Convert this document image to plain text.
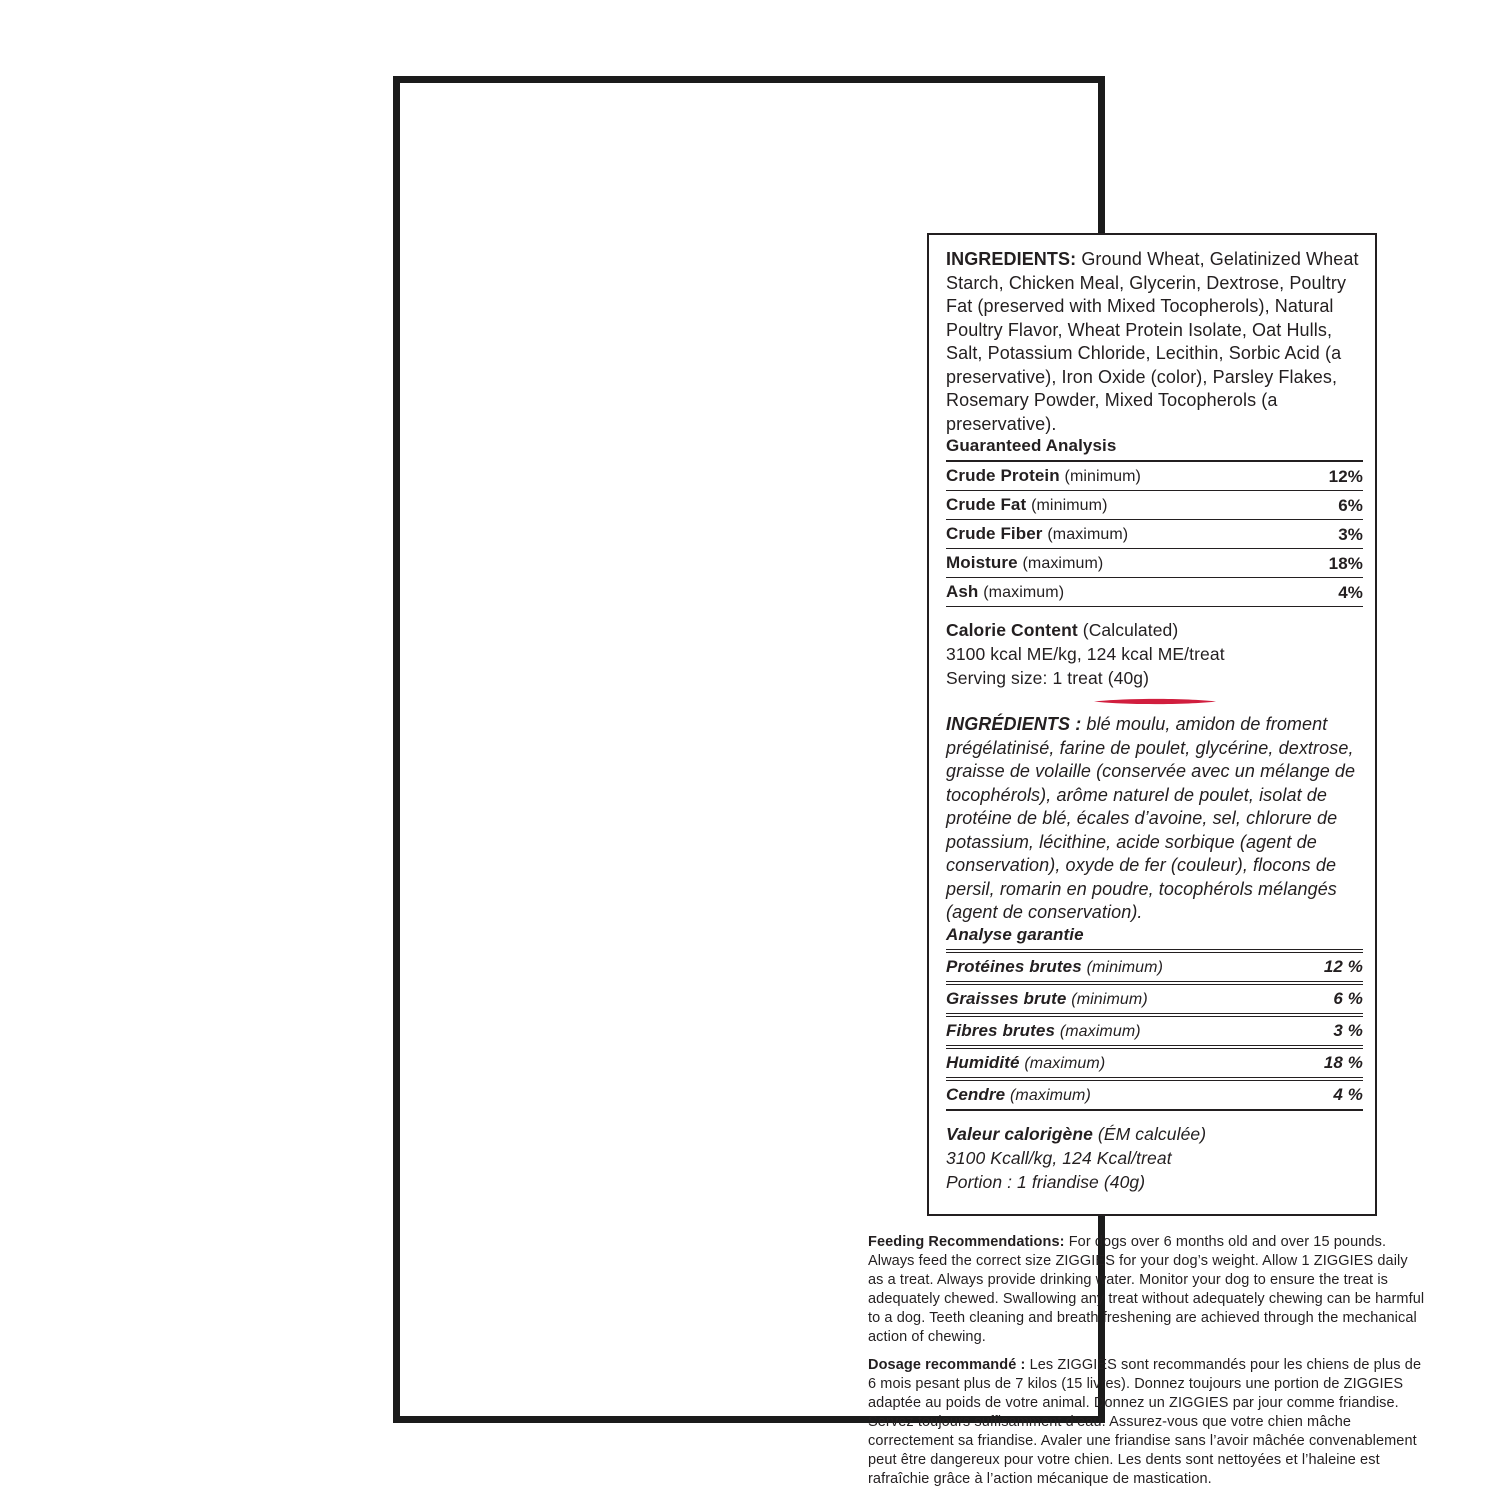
INGREDIENTS: Ground Wheat, Gelatinized Wheat Starch, Chicken Meal, Glycerin, Dextrose, Poultry Fat (preserved with Mixed Tocopherols), Natural Poultry Flavor, Wheat Protein Isolate, Oat Hulls, Salt, Potassium Chloride, Lecithin, Sorbic Acid (a preservative), Iron Oxide (color), Parsley Flakes, Rosemary Powder, Mixed Tocopherols (a preservative).

Guaranteed Analysis
Crude Protein (minimum)	12%
Crude Fat (minimum)	6%
Crude Fiber (maximum)	3%
Moisture (maximum)	18%
Ash (maximum)	4%

Calorie Content (Calculated)

3100 kcal ME/kg, 124 kcal ME/treat

Serving size: 1 treat (40g)

INGRÉDIENTS : blé moulu, amidon de froment prégélatinisé, farine de poulet, glycérine, dextrose, graisse de volaille (conservée avec un mélange de tocophérols), arôme naturel de poulet, isolat de protéine de blé, écales d’avoine, sel, chlorure de potassium, lécithine, acide sorbique (agent de conservation), oxyde de fer (couleur), flocons de persil, romarin en poudre, tocophérols mélangés (agent de conservation).

Analyse garantie
Protéines brutes (minimum)	12 %
Graisses brute (minimum)	6 %
Fibres brutes (maximum)	3 %
Humidité (maximum)	18 %
Cendre (maximum)	4 %

Valeur calorigène (ÉM calculée)

3100 Kcall/kg, 124 Kcal/treat

Portion : 1 friandise (40g)

Feeding Recommendations: For dogs over 6 months old and over 15 pounds. Always feed the correct size ZIGGIES for your dog’s weight. Allow 1 ZIGGIES daily as a treat. Always provide drinking water. Monitor your dog to ensure the treat is adequately chewed. Swallowing any treat without adequately chewing can be harmful to a dog. Teeth cleaning and breath freshening are achieved through the mechanical action of chewing.

Dosage recommandé : Les ZIGGIES sont recommandés pour les chiens de plus de 6 mois pesant plus de 7 kilos (15 livres). Donnez toujours une portion de ZIGGIES adaptée au poids de votre animal. Donnez un ZIGGIES par jour comme friandise. Servez toujours suffisamment d’eau. Assurez-vous que votre chien mâche correctement sa friandise. Avaler une friandise sans l’avoir mâchée convenablement peut être dangereux pour votre chien. Les dents sont nettoyées et l’haleine est rafraîchie grâce à l’action mécanique de mastication.
